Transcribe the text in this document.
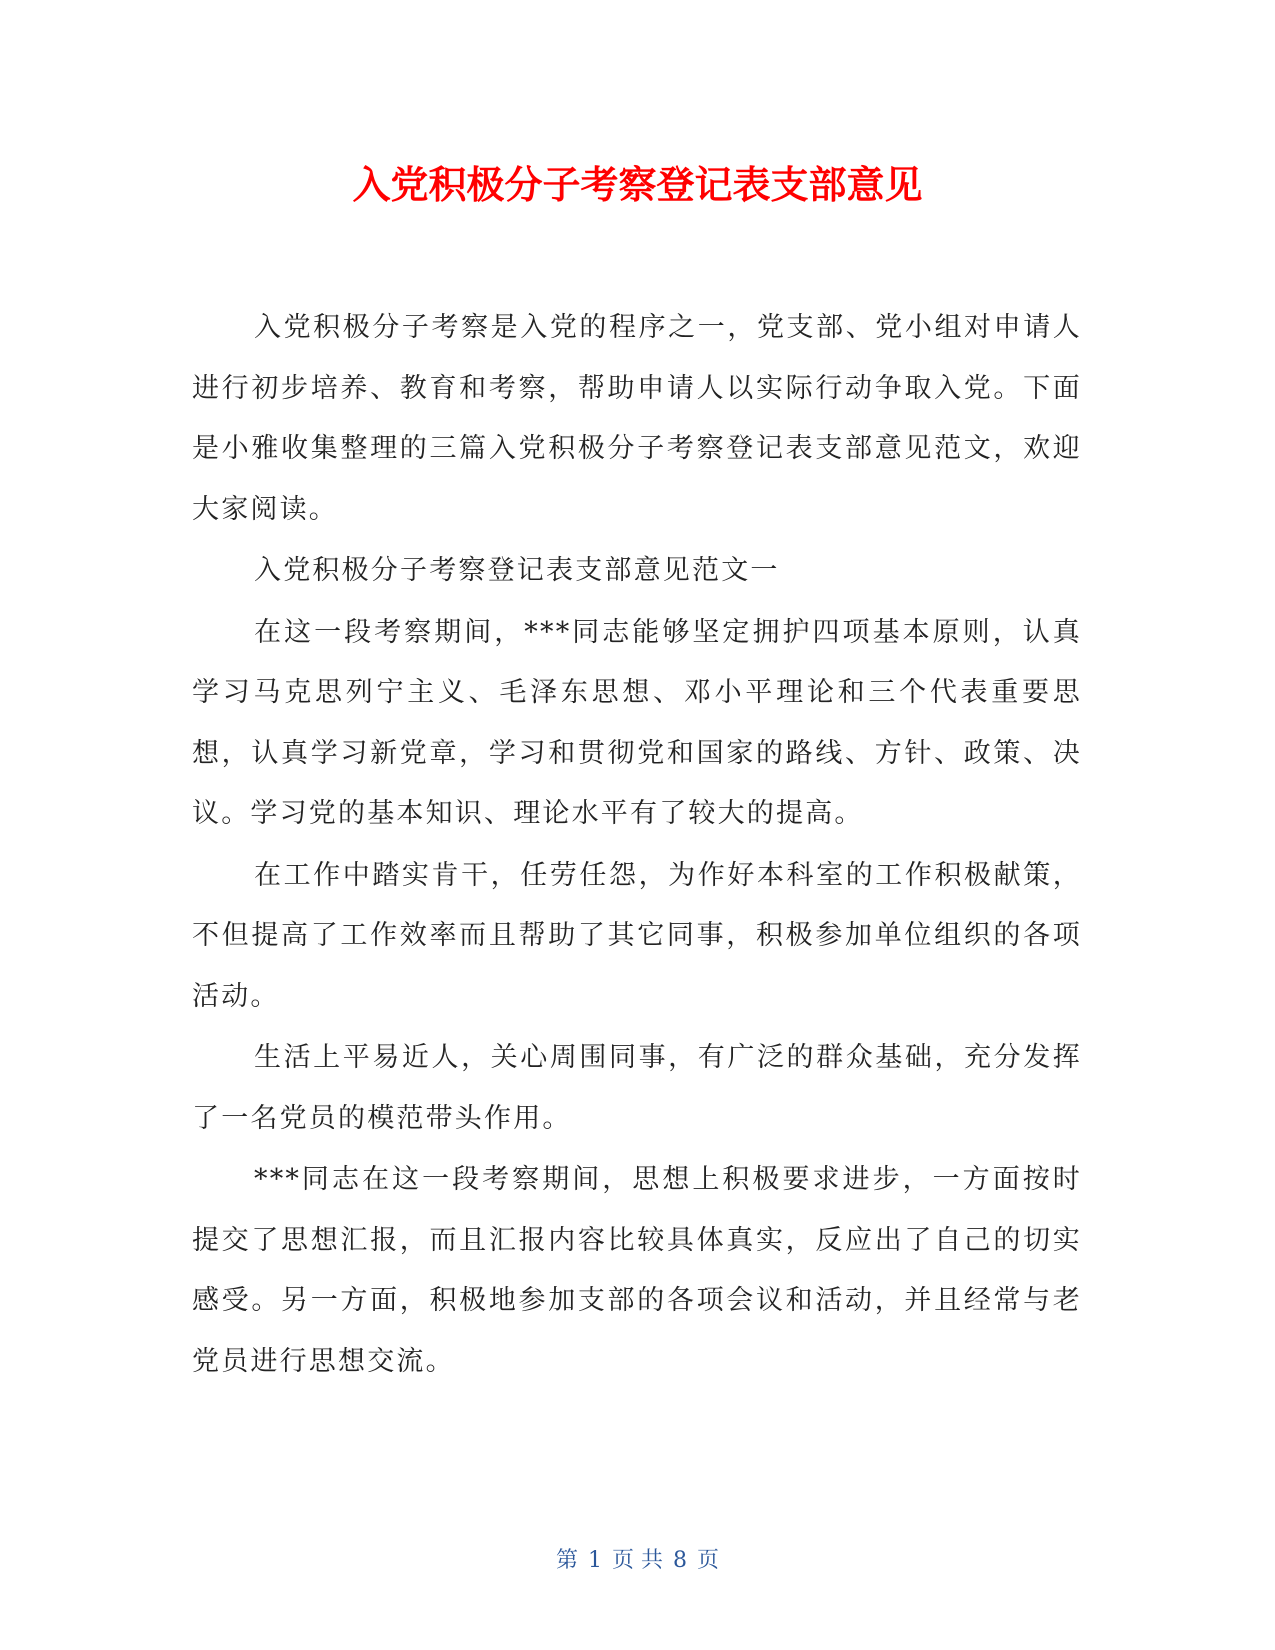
入党积极分子考察登记表支部意见

入党积极分子考察是入党的程序之一，党支部、党小组对申请人进行初步培养、教育和考察，帮助申请人以实际行动争取入党。下面是小雅收集整理的三篇入党积极分子考察登记表支部意见范文，欢迎大家阅读。

入党积极分子考察登记表支部意见范文一

在这一段考察期间，***同志能够坚定拥护四项基本原则，认真学习马克思列宁主义、毛泽东思想、邓小平理论和三个代表重要思想，认真学习新党章，学习和贯彻党和国家的路线、方针、政策、决议。学习党的基本知识、理论水平有了较大的提高。

在工作中踏实肯干，任劳任怨，为作好本科室的工作积极献策，不但提高了工作效率而且帮助了其它同事，积极参加单位组织的各项活动。

生活上平易近人，关心周围同事，有广泛的群众基础，充分发挥了一名党员的模范带头作用。

***同志在这一段考察期间，思想上积极要求进步，一方面按时提交了思想汇报，而且汇报内容比较具体真实，反应出了自己的切实感受。另一方面，积极地参加支部的各项会议和活动，并且经常与老党员进行思想交流。

第 1 页 共 8 页
